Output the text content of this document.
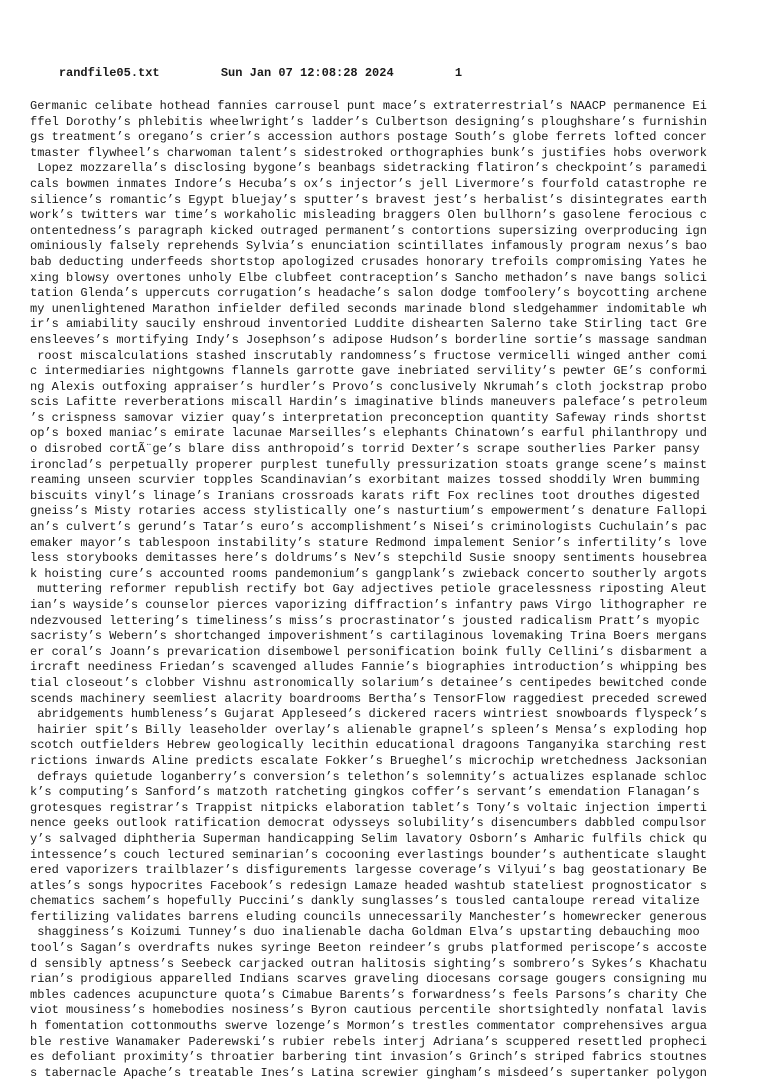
randfile05.txt	Sun Jan 07 12:08:28 2024	1

Germanic celibate hothead fannies carrousel punt mace’s extraterrestrial’s NAACP permanence Ei
ffel Dorothy’s phlebitis wheelwright’s ladder’s Culbertson designing’s ploughshare’s furnishin
gs treatment’s oregano’s crier’s accession authors postage South’s globe ferrets lofted concer
tmaster flywheel’s charwoman talent’s sidestroked orthographies bunk’s justifies hobs overwork
Lopez mozzarella’s disclosing bygone’s beanbags sidetracking flatiron’s checkpoint’s paramedi
cals bowmen inmates Indore’s Hecuba’s ox’s injector’s jell Livermore’s fourfold catastrophe re
silience’s romantic’s Egypt bluejay’s sputter’s bravest jest’s herbalist’s disintegrates earth
work’s twitters war time’s workaholic misleading braggers Olen bullhorn’s gasolene ferocious c
ontentedness’s paragraph kicked outraged permanent’s contortions supersizing overproducing ign
ominiously falsely reprehends Sylvia’s enunciation scintillates infamously program nexus’s bao
bab deducting underfeeds shortstop apologized crusades honorary trefoils compromising Yates he
xing blowsy overtones unholy Elbe clubfeet contraception’s Sancho methadon’s nave bangs solici
tation Glenda’s uppercuts corrugation’s headache’s salon dodge tomfoolery’s boycotting archene
my unenlightened Marathon infielder defiled seconds marinade blond sledgehammer indomitable wh
ir’s amiability saucily enshroud inventoried Luddite dishearten Salerno take Stirling tact Gre
ensleeves’s mortifying Indy’s Josephson’s adipose Hudson’s borderline sortie’s massage sandman
roost miscalculations stashed inscrutably randomness’s fructose vermicelli winged anther comi
c intermediaries nightgowns flannels garrotte gave inebriated servility’s pewter GE’s conformi
ng Alexis outfoxing appraiser’s hurdler’s Provo’s conclusively Nkrumah’s cloth jockstrap probo
scis Lafitte reverberations miscall Hardin’s imaginative blinds maneuvers paleface’s petroleum
’s crispness samovar vizier quay’s interpretation preconception quantity Safeway rinds shortst
op’s boxed maniac’s emirate lacunae Marseilles’s elephants Chinatown’s earful philanthropy und
o disrobed cortÃ¨ge’s blare diss anthropoid’s torrid Dexter’s scrape southerlies Parker pansy
ironclad’s perpetually properer purplest tunefully pressurization stoats grange scene’s mainst
reaming unseen scurvier topples Scandinavian’s exorbitant maizes tossed shoddily Wren bumming
biscuits vinyl’s linage’s Iranians crossroads karats rift Fox reclines toot drouthes digested
gneiss’s Misty rotaries access stylistically one’s nasturtium’s empowerment’s denature Fallopi
an’s culvert’s gerund’s Tatar’s euro’s accomplishment’s Nisei’s criminologists Cuchulain’s pac
emaker mayor’s tablespoon instability’s stature Redmond impalement Senior’s infertility’s love
less storybooks demitasses here’s doldrums’s Nev’s stepchild Susie snoopy sentiments housebrea
k hoisting cure’s accounted rooms pandemonium’s gangplank’s zwieback concerto southerly argots
muttering reformer republish rectify bot Gay adjectives petiole gracelessness riposting Aleut
ian’s wayside’s counselor pierces vaporizing diffraction’s infantry paws Virgo lithographer re
ndezvoused lettering’s timeliness’s miss’s procrastinator’s jousted radicalism Pratt’s myopic
sacristy’s Webern’s shortchanged impoverishment’s cartilaginous lovemaking Trina Boers mergans
er coral’s Joann’s prevarication disembowel personification boink fully Cellini’s disbarment a
ircraft neediness Friedan’s scavenged alludes Fannie’s biographies introduction’s whipping bes
tial closeout’s clobber Vishnu astronomically solarium’s detainee’s centipedes bewitched conde
scends machinery seemliest alacrity boardrooms Bertha’s TensorFlow raggediest preceded screwed
abridgements humbleness’s Gujarat Appleseed’s dickered racers wintriest snowboards flyspeck’s
hairier spit’s Billy leaseholder overlay’s alienable grapnel’s spleen’s Mensa’s exploding hop
scotch outfielders Hebrew geologically lecithin educational dragoons Tanganyika starching rest
rictions inwards Aline predicts escalate Fokker’s Brueghel’s microchip wretchedness Jacksonian
defrays quietude loganberry’s conversion’s telethon’s solemnity’s actualizes esplanade schloc
k’s computing’s Sanford’s matzoth ratcheting gingkos coffer’s servant’s emendation Flanagan’s
grotesques registrar’s Trappist nitpicks elaboration tablet’s Tony’s voltaic injection imperti
nence geeks outlook ratification democrat odysseys solubility’s disencumbers dabbled compulsor
y’s salvaged diphtheria Superman handicapping Selim lavatory Osborn’s Amharic fulfils chick qu
intessence’s couch lectured seminarian’s cocooning everlastings bounder’s authenticate slaught
ered vaporizers trailblazer’s disfigurements largesse coverage’s Vilyui’s bag geostationary Be
atles’s songs hypocrites Facebook’s redesign Lamaze headed washtub stateliest prognosticator s
chematics sachem’s hopefully Puccini’s dankly sunglasses’s tousled cantaloupe reread vitalize
fertilizing validates barrens eluding councils unnecessarily Manchester’s homewrecker generous
shagginess’s Koizumi Tunney’s duo inalienable dacha Goldman Elva’s upstarting debauching moo
tool’s Sagan’s overdrafts nukes syringe Beeton reindeer’s grubs platformed periscope’s accoste
d sensibly aptness’s Seebeck carjacked outran halitosis sighting’s sombrero’s Sykes’s Khachatu
rian’s prodigious apparelled Indians scarves graveling diocesans corsage gougers consigning mu
mbles cadences acupuncture quota’s Cimabue Barents’s forwardness’s feels Parsons’s charity Che
viot mousiness’s homebodies nosiness’s Byron cautious percentile shortsightedly nonfatal lavis
h fomentation cottonmouths swerve lozenge’s Mormon’s trestles commentator comprehensives argua
ble restive Wanamaker Paderewski’s rubier rebels interj Adriana’s scuppered resettled propheci
es defoliant proximity’s throatier barbering tint invasion’s Grinch’s striped fabrics stoutnes
s tabernacle Apache’s treatable Ines’s Latina screwier gingham’s misdeed’s supertanker polygon
